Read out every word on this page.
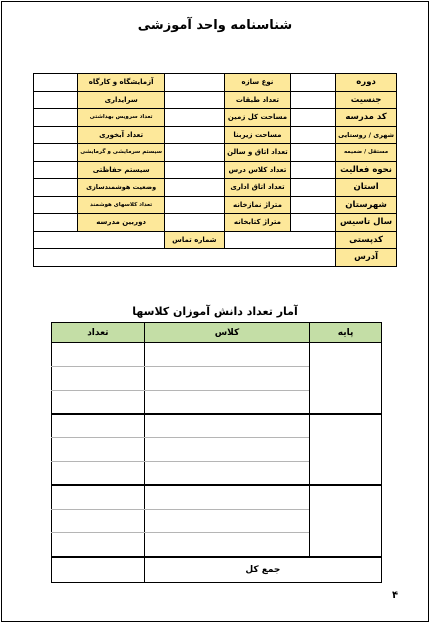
شناسنامه واحد آموزشی
دوره		نوع سازه		آزمایشگاه و کارگاه	
جنسیت		تعداد طبقات		سرایداری	
کد مدرسه		مساحت کل زمین		تعداد سرویس بهداشتی	
شهری / روستایی		مساحت زیربنا		تعداد آبخوری	
مستقل / ضمیمه		تعداد اتاق و سالن		سیستم سرمایشی و گرمایشی	
نحوه فعالیت		تعداد کلاس درس		سیستم حفاظتی	
استان		تعداد اتاق اداری		وضعیت هوشمندسازی	
شهرستان		متراژ نمازخانه		تعداد کلاسهای هوشمند	
سال تاسیس		متراژ کتابخانه		دوربین مدرسه	
کدپستی			شماره تماس		
آدرس					
آمار تعداد دانش آموزان کلاسها
پایه	کلاس	تعداد

جمع کل		
۴
